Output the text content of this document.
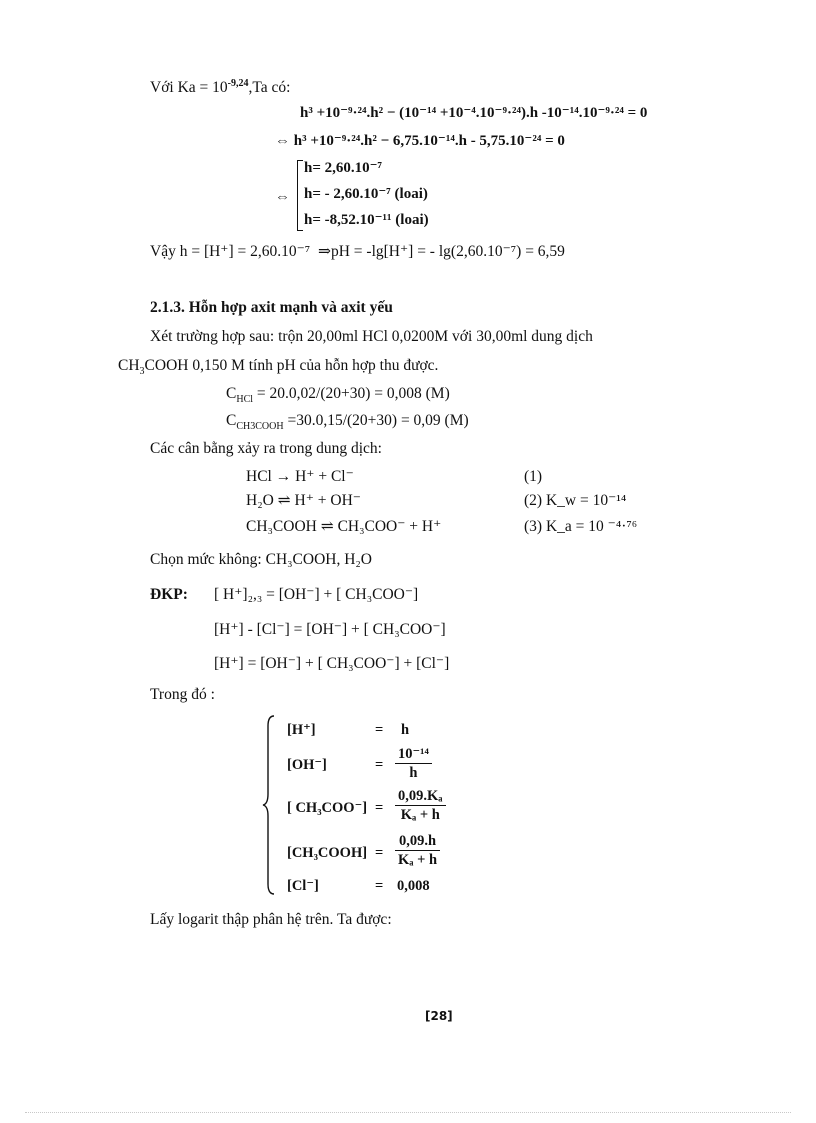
Với $Ka = 10^{-9,24},Ta$ có:
h³ +10⁻⁹·²⁴.h² − (10⁻¹⁴ +10⁻⁴.10⁻⁹·²⁴).h -10⁻¹⁴.10⁻⁹·²⁴ = 0
⇔ h³ +10⁻⁹·²⁴.h² − 6,75.10⁻¹⁴.h - 5,75.10⁻²⁴ = 0
⇔
h= 2,60.10⁻⁷
h= - 2,60.10⁻⁷ (loai)
h= -8,52.10⁻¹¹ (loai)
Vậy h = [H⁺] = 2,60.10⁻⁷ ⇒pH = -lg[H⁺] = - lg(2,60.10⁻⁷) = 6,59
2.1.3. Hỗn hợp axit mạnh và axit yếu
Xét trường hợp sau: trộn 20,00ml HCl 0,0200M với 30,00ml dung dịch
$CH_3COOH$ 0,150 M tính pH của hỗn hợp thu được.
$C_{HCl} = 20.0,02/(20+30) = 0,008$ (M)
$C_{CH3COOH} =30.0,15/(20+30) = 0,09$ (M)
Các cân bằng xảy ra trong dung dịch:
HCl → H⁺ + Cl⁻	(1)
H₂O ⇌ H⁺ + OH⁻	(2) K_w = 10⁻¹⁴
CH₃COOH ⇌ CH₃COO⁻ + H⁺	(3) K_a = 10 ⁻⁴·⁷⁶
Chọn mức không: CH₃COOH, H₂O
ĐKP: [ H⁺]₂,₃ = [OH⁻] + [ CH₃COO⁻]
[H⁺] - [Cl⁻] = [OH⁻] + [ CH₃COO⁻]
[H⁺] = [OH⁻] + [ CH₃COO⁻] + [Cl⁻]
Trong đó :
[H⁺]	= h
[OH⁻]	= $\frac{\text{10⁻¹⁴}}{h}$
[ $CH_3COO^-] = \frac{\text{0,09.Kₐ}}{\text{Kₐ + h}}$
[CH₃COOH] = $\frac{0,09.h}{\text{Kₐ + h}}$
[Cl⁻]	= 0,008
Lấy logarit thập phân hệ trên. Ta được:
[28]
